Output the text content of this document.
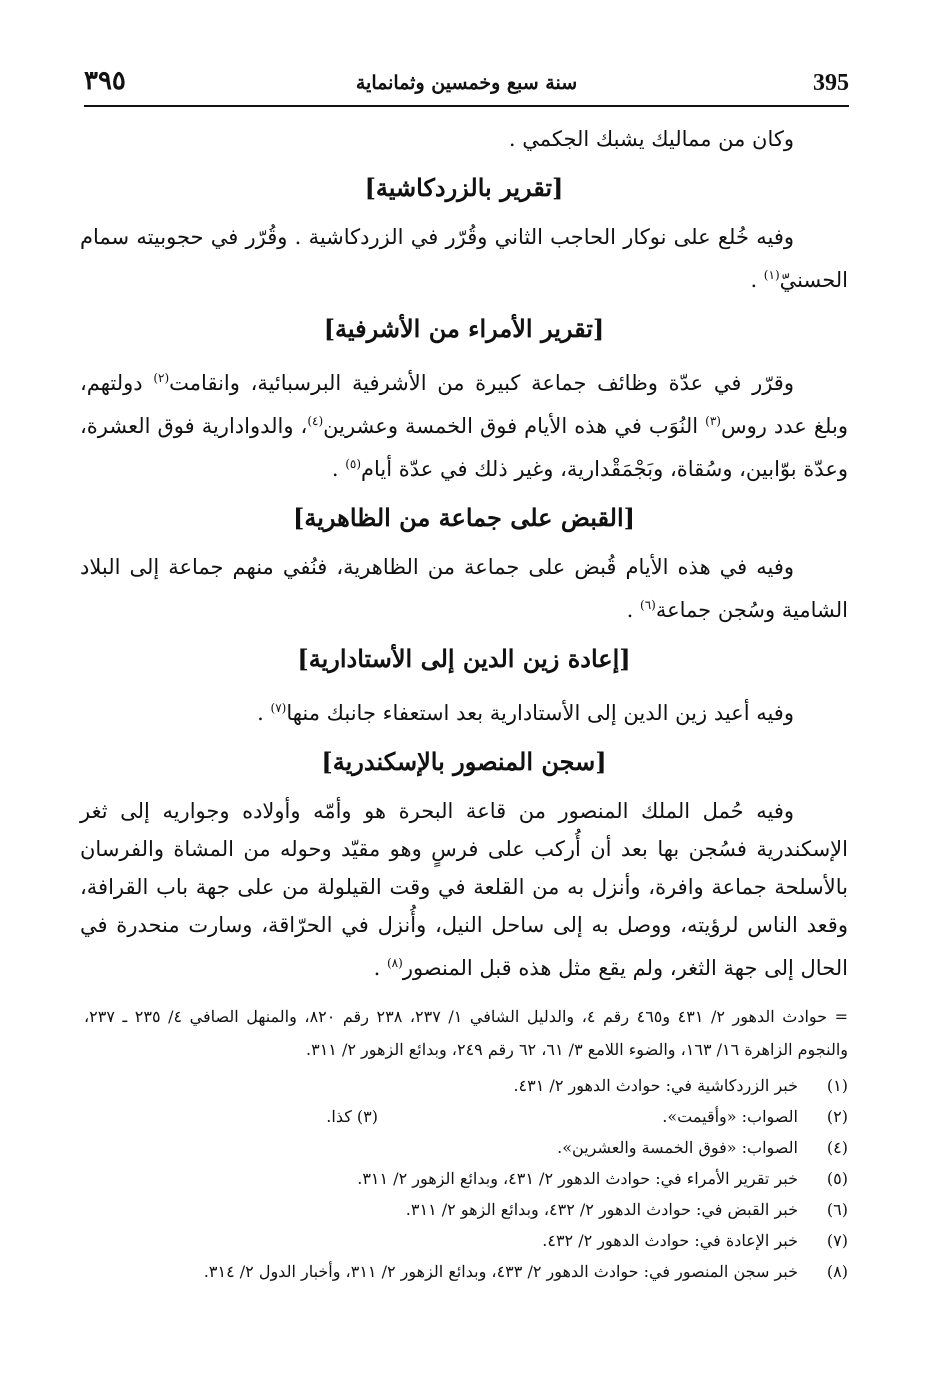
395
سنة سبع وخمسين وثمانماية
٣٩٥

وكان من مماليك يشبك الجكمي .

[تقرير بالزردكاشية]

وفيه خُلع على نوكار الحاجب الثاني وقُرّر في الزردكاشية . وقُرّر في حجوبيته سمام الحسنيّ$^{(١)}$ .

[تقرير الأمراء من الأشرفية]

وقرّر في عدّة وظائف جماعة كبيرة من الأشرفية البرسبائية، وانقامت$^{(٢)}$ دولتهم، وبلغ عدد روس$^{(٣)}$ النُوَب في هذه الأيام فوق الخمسة وعشرين$^{(٤)}$، والدوادارية فوق العشرة، وعدّة بوّابين، وسُقاة، وبَجْمَقْدارية، وغير ذلك في عدّة أيام$^{(٥)}$ .

[القبض على جماعة من الظاهرية]

وفيه في هذه الأيام قُبض على جماعة من الظاهرية، فنُفي منهم جماعة إلى البلاد الشامية وسُجن جماعة$^{(٦)}$ .

[إعادة زين الدين إلى الأستادارية]

وفيه أعيد زين الدين إلى الأستادارية بعد استعفاء جانبك منها$^{(٧)}$ .

[سجن المنصور بالإسكندرية]

وفيه حُمل الملك المنصور من قاعة البحرة هو وأمّه وأولاده وجواريه إلى ثغر الإسكندرية فسُجن بها بعد أن أُركب على فرسٍ وهو مقيّد وحوله من المشاة والفرسان بالأسلحة جماعة وافرة، وأنزل به من القلعة في وقت القيلولة من على جهة باب القرافة، وقعد الناس لرؤيته، ووصل به إلى ساحل النيل، وأُنزل في الحرّاقة، وسارت منحدرة في الحال إلى جهة الثغر، ولم يقع مثل هذه قبل المنصور$^{(٨)}$ .

= حوادث الدهور ٢/ ٤٣١ و٤٦٥ رقم ٤، والدليل الشافي ١/ ٢٣٧، ٢٣٨ رقم ٨٢٠، والمنهل الصافي ٤/ ٢٣٥ ـ ٢٣٧، والنجوم الزاهرة ١٦/ ١٦٣، والضوء اللامع ٣/ ٦١، ٦٢ رقم ٢٤٩، وبدائع الزهور ٢/ ٣١١.

(١)
خبر الزردكاشية في: حوادث الدهور ٢/ ٤٣١.
(٢)
الصواب: «وأقيمت».
(٣) كذا.
(٤)
الصواب: «فوق الخمسة والعشرين».
(٥)
خبر تقرير الأمراء في: حوادث الدهور ٢/ ٤٣١، وبدائع الزهور ٢/ ٣١١.
(٦)
خبر القبض في: حوادث الدهور ٢/ ٤٣٢، وبدائع الزهو ٢/ ٣١١.
(٧)
خبر الإعادة في: حوادث الدهور ٢/ ٤٣٢.
(٨)
خبر سجن المنصور في: حوادث الدهور ٢/ ٤٣٣، وبدائع الزهور ٢/ ٣١١، وأخبار الدول ٢/ ٣١٤.
